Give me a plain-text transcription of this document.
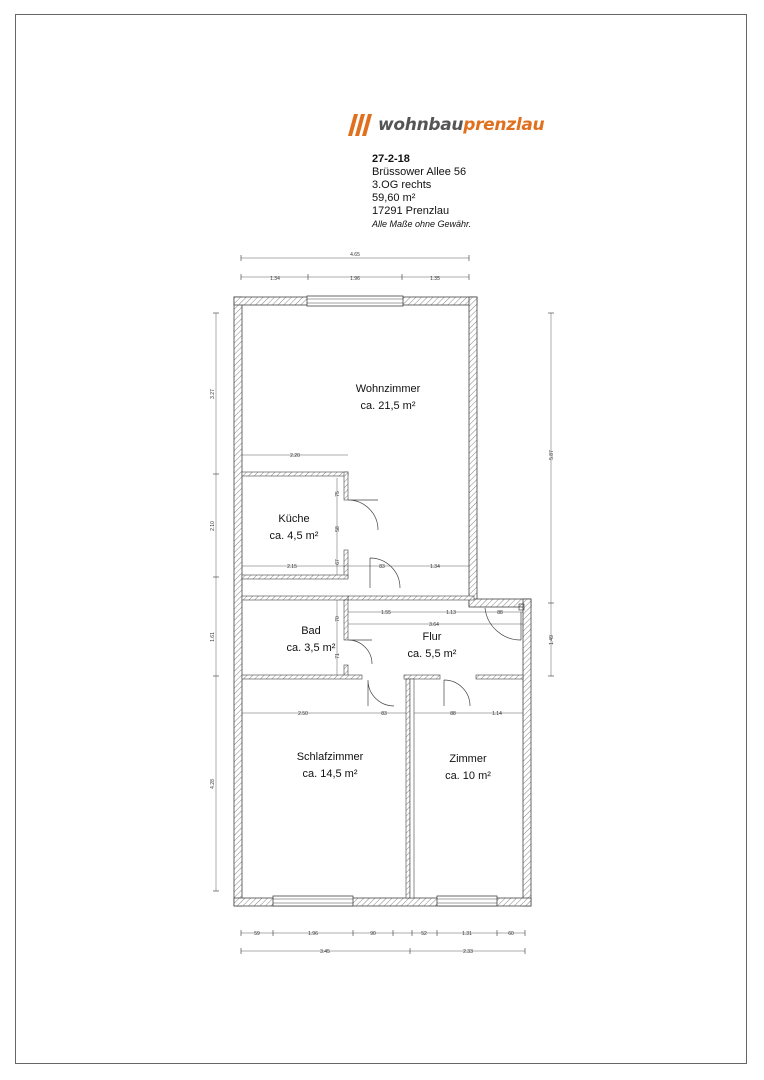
wohnbauprenzlau
27-2-18
Brüssower Allee 56
3.OG rechts
59,60 m²
17291 Prenzlau
Alle Maße ohne Gewähr.
4.65
1.34	1.96	1.35
3.27
2.10
1.61
4.28
5.87
1.49
2.20
2.15	83	1.34
1.55	1.13	88
3.64
2.50	83	88	1.14
75
58
67
70
71
59	1.96	90	52	1.31	60
3.45	2.33
Wohnzimmer
ca. 21,5 m²
Küche
ca. 4,5 m²
Bad
ca. 3,5 m²
Flur
ca. 5,5 m²
Schlafzimmer
ca. 14,5 m²
Zimmer
ca. 10 m²
